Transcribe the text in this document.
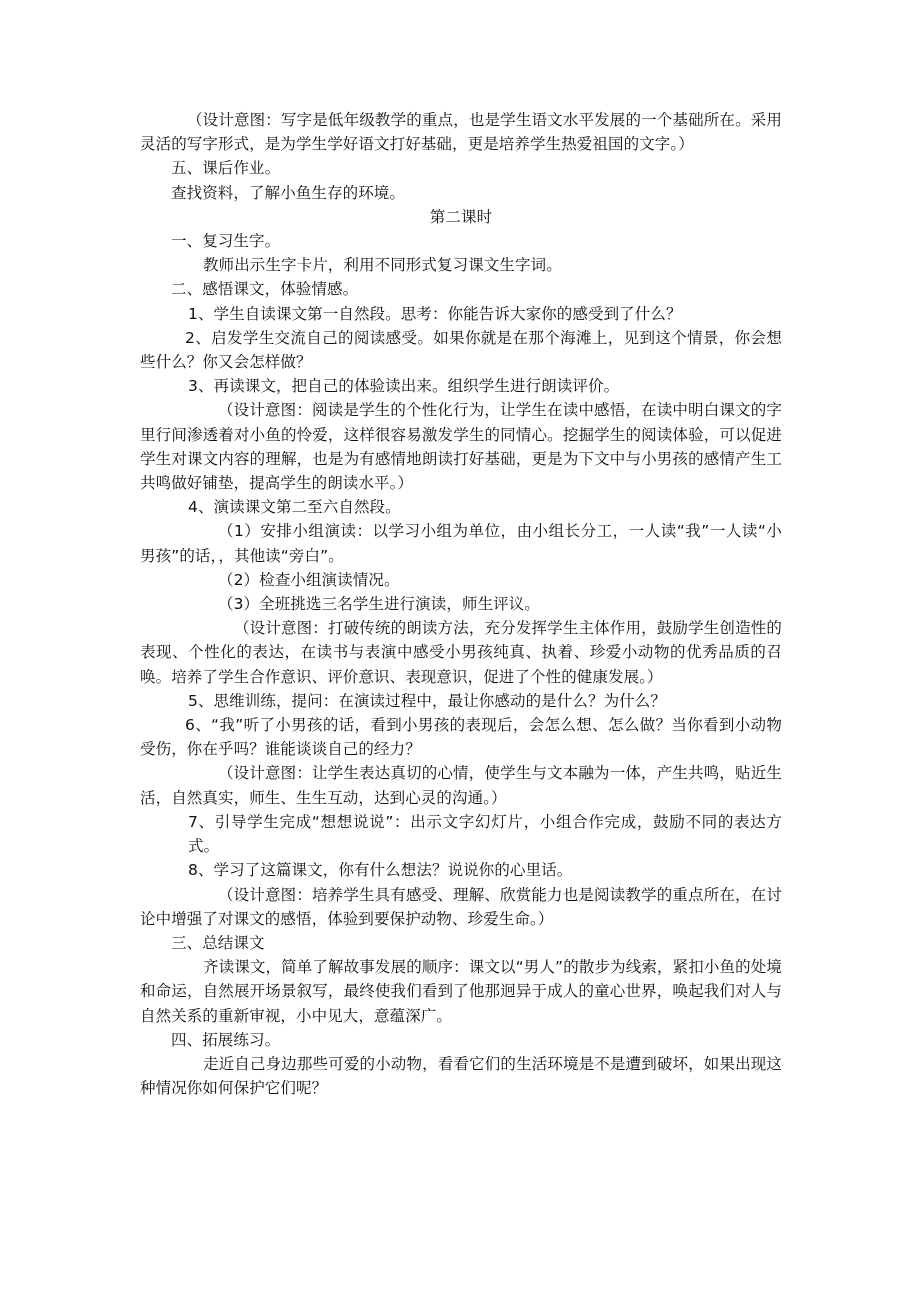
（设计意图：写字是低年级教学的重点，也是学生语文水平发展的一个基础所在。采用灵活的写字形式，是为学生学好语文打好基础，更是培养学生热爱祖国的文字。）

五、课后作业。

查找资料，了解小鱼生存的环境。

第二课时

一、复习生字。

教师出示生字卡片，利用不同形式复习课文生字词。

二、感悟课文，体验情感。

1、学生自读课文第一自然段。思考：你能告诉大家你的感受到了什么？

2、启发学生交流自己的阅读感受。如果你就是在那个海滩上，见到这个情景，你会想些什么？你又会怎样做？

3、再读课文，把自己的体验读出来。组织学生进行朗读评价。

（设计意图：阅读是学生的个性化行为，让学生在读中感悟，在读中明白课文的字里行间渗透着对小鱼的怜爱，这样很容易激发学生的同情心。挖掘学生的阅读体验，可以促进学生对课文内容的理解，也是为有感情地朗读打好基础，更是为下文中与小男孩的感情产生工共鸣做好铺垫，提高学生的朗读水平。）

4、演读课文第二至六自然段。

（1）安排小组演读：以学习小组为单位，由小组长分工，一人读“我”一人读“小男孩”的话，，其他读“旁白”。

（2）检查小组演读情况。

（3）全班挑选三名学生进行演读，师生评议。

（设计意图：打破传统的朗读方法，充分发挥学生主体作用，鼓励学生创造性的表现、个性化的表达，在读书与表演中感受小男孩纯真、执着、珍爱小动物的优秀品质的召唤。培养了学生合作意识、评价意识、表现意识，促进了个性的健康发展。）

5、思维训练，提问：在演读过程中，最让你感动的是什么？为什么？

6、“我”听了小男孩的话，看到小男孩的表现后，会怎么想、怎么做？当你看到小动物受伤，你在乎吗？谁能谈谈自己的经力？

（设计意图：让学生表达真切的心情，使学生与文本融为一体，产生共鸣，贴近生活，自然真实，师生、生生互动，达到心灵的沟通。）

7、引导学生完成“想想说说”：出示文字幻灯片，小组合作完成，鼓励不同的表达方式。

8、学习了这篇课文，你有什么想法？说说你的心里话。

（设计意图：培养学生具有感受、理解、欣赏能力也是阅读教学的重点所在，在讨论中增强了对课文的感悟，体验到要保护动物、珍爱生命。）

三、总结课文

齐读课文，简单了解故事发展的顺序：课文以“男人”的散步为线索，紧扣小鱼的处境和命运，自然展开场景叙写，最终使我们看到了他那迥异于成人的童心世界，唤起我们对人与自然关系的重新审视，小中见大，意蕴深广。

四、拓展练习。

走近自己身边那些可爱的小动物，看看它们的生活环境是不是遭到破坏，如果出现这种情况你如何保护它们呢？
